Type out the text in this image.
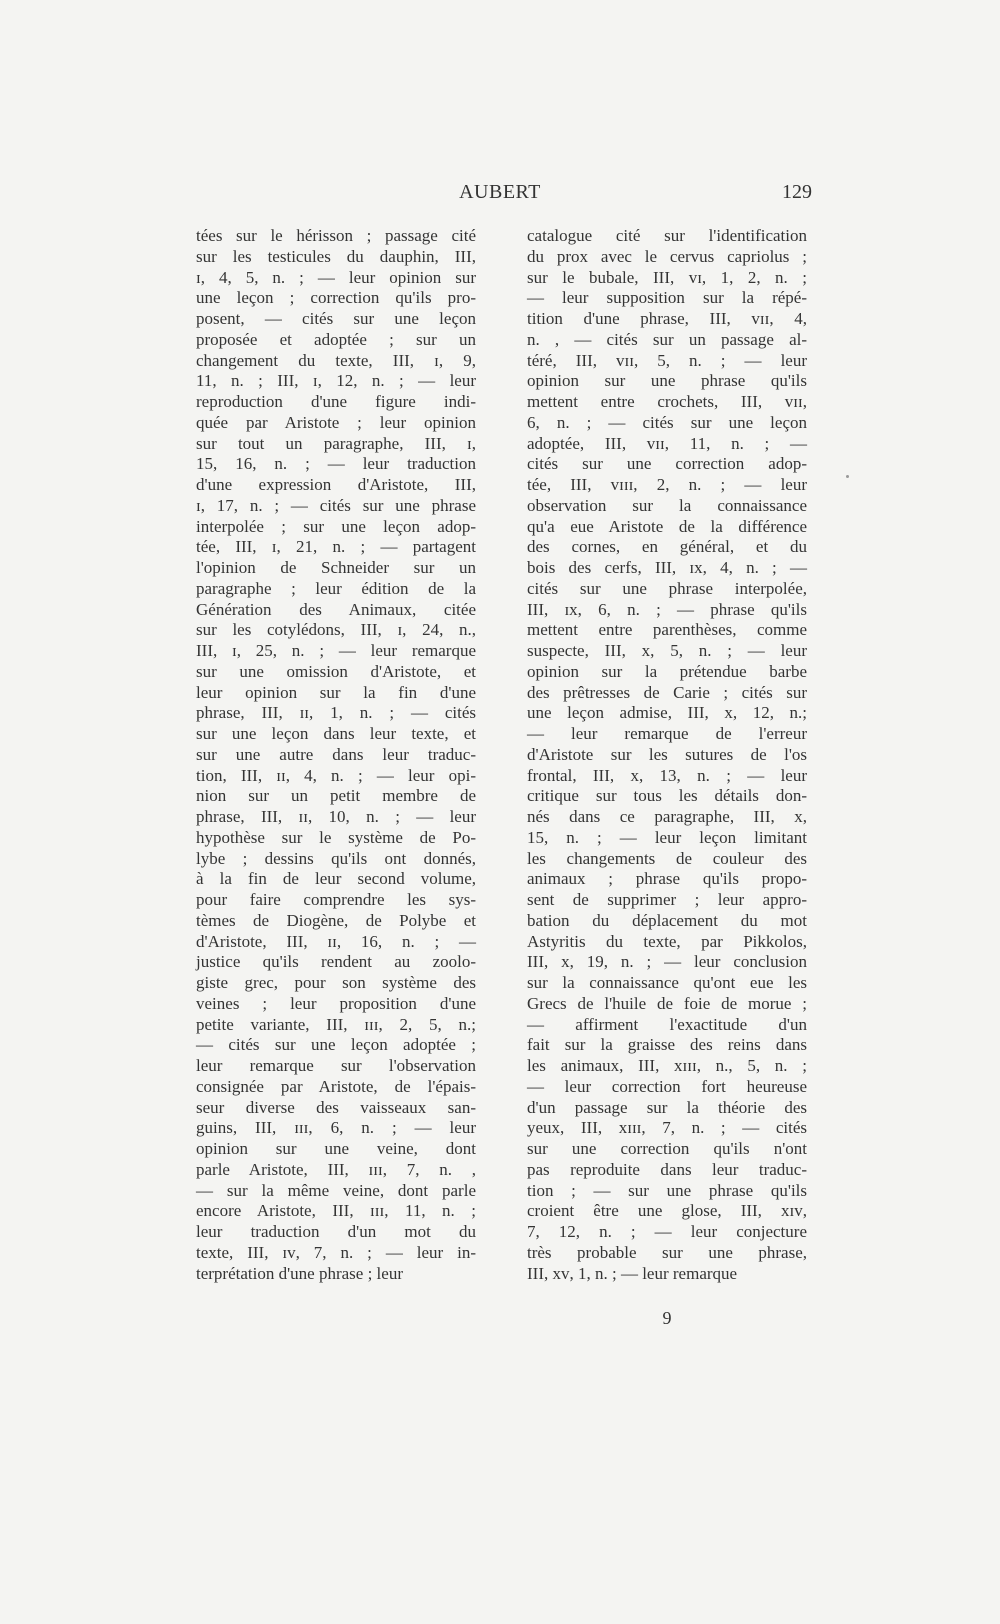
AUBERT	129
tées sur le hérisson ; passage cité
sur les testicules du dauphin, III,
ɪ, 4, 5, n. ; — leur opinion sur
une leçon ; correction qu'ils pro-
posent, — cités sur une leçon
proposée et adoptée ; sur un
changement du texte, III, ɪ, 9,
11, n. ; III, ɪ, 12, n. ; — leur
reproduction d'une figure indi-
quée par Aristote ; leur opinion
sur tout un paragraphe, III, ɪ,
15, 16, n. ; — leur traduction
d'une expression d'Aristote, III,
ɪ, 17, n. ; — cités sur une phrase
interpolée ; sur une leçon adop-
tée, III, ɪ, 21, n. ; — partagent
l'opinion de Schneider sur un
paragraphe ; leur édition de la
Génération des Animaux, citée
sur les cotylédons, III, ɪ, 24, n.,
III, ɪ, 25, n. ; — leur remarque
sur une omission d'Aristote, et
leur opinion sur la fin d'une
phrase, III, ɪɪ, 1, n. ; — cités
sur une leçon dans leur texte, et
sur une autre dans leur traduc-
tion, III, ɪɪ, 4, n. ; — leur opi-
nion sur un petit membre de
phrase, III, ɪɪ, 10, n. ; — leur
hypothèse sur le système de Po-
lybe ; dessins qu'ils ont donnés,
à la fin de leur second volume,
pour faire comprendre les sys-
tèmes de Diogène, de Polybe et
d'Aristote, III, ɪɪ, 16, n. ; —
justice qu'ils rendent au zoolo-
giste grec, pour son système des
veines ; leur proposition d'une
petite variante, III, ɪɪɪ, 2, 5, n.;
— cités sur une leçon adoptée ;
leur remarque sur l'observation
consignée par Aristote, de l'épais-
seur diverse des vaisseaux san-
guins, III, ɪɪɪ, 6, n. ; — leur
opinion sur une veine, dont
parle Aristote, III, ɪɪɪ, 7, n. ,
— sur la même veine, dont parle
encore Aristote, III, ɪɪɪ, 11, n. ;
leur traduction d'un mot du
texte, III, ɪᴠ, 7, n. ; — leur in-
terprétation d'une phrase ; leur
catalogue cité sur l'identification
du prox avec le cervus capriolus ;
sur le bubale, III, ᴠɪ, 1, 2, n. ;
— leur supposition sur la répé-
tition d'une phrase, III, ᴠɪɪ, 4,
n. , — cités sur un passage al-
téré, III, ᴠɪɪ, 5, n. ; — leur
opinion sur une phrase qu'ils
mettent entre crochets, III, ᴠɪɪ,
6, n. ; — cités sur une leçon
adoptée, III, ᴠɪɪ, 11, n. ; —
cités sur une correction adop-
tée, III, ᴠɪɪɪ, 2, n. ; — leur
observation sur la connaissance
qu'a eue Aristote de la différence
des cornes, en général, et du
bois des cerfs, III, ɪx, 4, n. ; —
cités sur une phrase interpolée,
III, ɪx, 6, n. ; — phrase qu'ils
mettent entre parenthèses, comme
suspecte, III, x, 5, n. ; — leur
opinion sur la prétendue barbe
des prêtresses de Carie ; cités sur
une leçon admise, III, x, 12, n.;
— leur remarque de l'erreur
d'Aristote sur les sutures de l'os
frontal, III, x, 13, n. ; — leur
critique sur tous les détails don-
nés dans ce paragraphe, III, x,
15, n. ; — leur leçon limitant
les changements de couleur des
animaux ; phrase qu'ils propo-
sent de supprimer ; leur appro-
bation du déplacement du mot
Astyritis du texte, par Pikkolos,
III, x, 19, n. ; — leur conclusion
sur la connaissance qu'ont eue les
Grecs de l'huile de foie de morue ;
— affirment l'exactitude d'un
fait sur la graisse des reins dans
les animaux, III, xɪɪɪ, n., 5, n. ;
— leur correction fort heureuse
d'un passage sur la théorie des
yeux, III, xɪɪɪ, 7, n. ; — cités
sur une correction qu'ils n'ont
pas reproduite dans leur traduc-
tion ; — sur une phrase qu'ils
croient être une glose, III, xɪᴠ,
7, 12, n. ; — leur conjecture
très probable sur une phrase,
III, xᴠ, 1, n. ; — leur remarque
9
